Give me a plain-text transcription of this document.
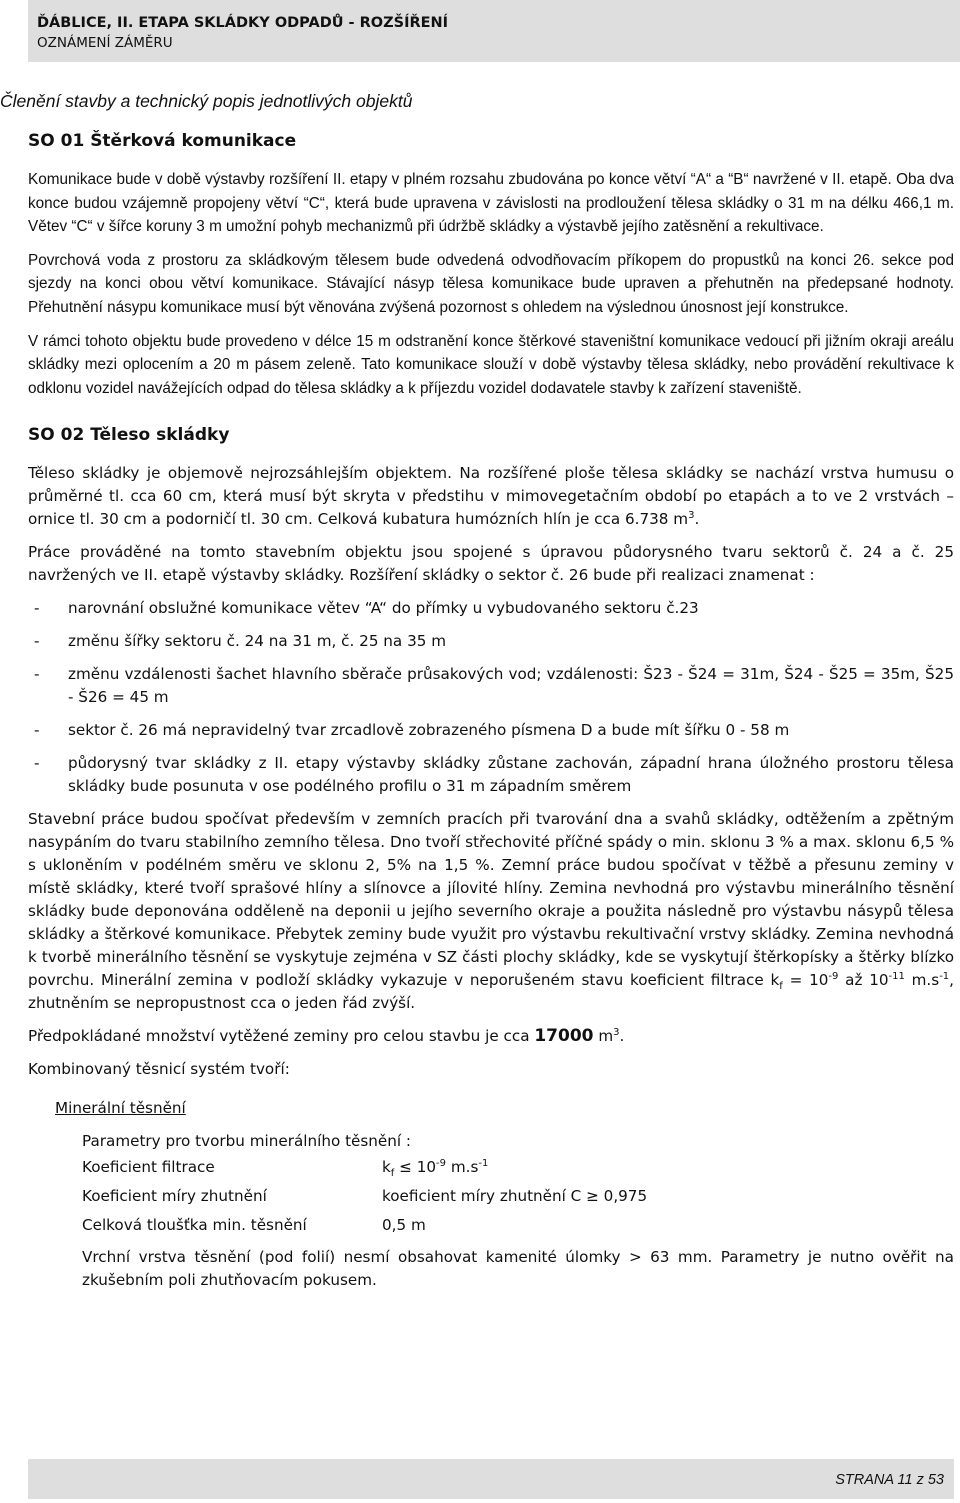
ĎÁBLICE, II. ETAPA SKLÁDKY ODPADŮ - ROZŠÍŘENÍ
OZNÁMENÍ ZÁMĚRU
Členění stavby a technický popis jednotlivých objektů
SO 01 Štěrková komunikace

Komunikace bude v době výstavby rozšíření II. etapy v plném rozsahu zbudována po konce větví “A“ a “B“ navržené v II. etapě. Oba dva konce budou vzájemně propojeny větví “C“, která bude upravena v závislosti na prodloužení tělesa skládky o 31 m na délku 466,1 m. Větev “C“ v šířce koruny 3 m umožní pohyb mechanizmů při údržbě skládky a výstavbě jejího zatěsnění a rekultivace.

Povrchová voda z prostoru za skládkovým tělesem bude odvedená odvodňovacím příkopem do propustků na konci 26. sekce pod sjezdy na konci obou větví komunikace. Stávající násyp tělesa komunikace bude upraven a přehutněn na předepsané hodnoty. Přehutnění násypu komunikace musí být věnována zvýšená pozornost s ohledem na výslednou únosnost její konstrukce.

V rámci tohoto objektu bude provedeno v délce 15 m odstranění konce štěrkové staveništní komunikace vedoucí při jižním okraji areálu skládky mezi oplocením a 20 m pásem zeleně. Tato komunikace slouží v době výstavby tělesa skládky, nebo provádění rekultivace k odklonu vozidel navážejících odpad do tělesa skládky a k příjezdu vozidel dodavatele stavby k zařízení staveniště.

SO 02 Těleso skládky

Těleso skládky je objemově nejrozsáhlejším objektem. Na rozšířené ploše tělesa skládky se nachází vrstva humusu o průměrné tl. cca 60 cm, která musí být skryta v předstihu v mimovegetačním období po etapách a to ve 2 vrstvách – ornice tl. 30 cm a podorničí tl. 30 cm. Celková kubatura humózních hlín je cca 6.738 $m^3$.

Práce prováděné na tomto stavebním objektu jsou spojené s úpravou půdorysného tvaru sektorů č. 24 a č. 25 navržených ve II. etapě výstavby skládky. Rozšíření skládky o sektor č. 26 bude při realizaci znamenat :

- narovnání obslužné komunikace větev “A“ do přímky u vybudovaného sektoru č.23
- změnu šířky sektoru č. 24 na 31 m, č. 25 na 35 m
- změnu vzdálenosti šachet hlavního sběrače průsakových vod; vzdálenosti: Š23 - Š24 = 31m, Š24 - Š25 = 35m, Š25 - Š26 = 45 m
- sektor č. 26 má nepravidelný tvar zrcadlově zobrazeného písmena D a bude mít šířku 0 - 58 m
- půdorysný tvar skládky z II. etapy výstavby skládky zůstane zachován, západní hrana úložného prostoru tělesa skládky bude posunuta v ose podélného profilu o 31 m západním směrem

Stavební práce budou spočívat především v zemních pracích při tvarování dna a svahů skládky, odtěžením a zpětným nasypáním do tvaru stabilního zemního tělesa. Dno tvoří střechovité příčné spády o min. sklonu 3 % a max. sklonu 6,5 % s ukloněním v podélném směru ve sklonu 2, 5% na 1,5 %. Zemní práce budou spočívat v těžbě a přesunu zeminy v místě skládky, které tvoří sprašové hlíny a slínovce a jílovité hlíny. Zemina nevhodná pro výstavbu minerálního těsnění skládky bude deponována odděleně na deponii u jejího severního okraje a použita následně pro výstavbu násypů tělesa skládky a štěrkové komunikace. Přebytek zeminy bude využit pro výstavbu rekultivační vrstvy skládky. Zemina nevhodná k tvorbě minerálního těsnění se vyskytuje zejména v SZ části plochy skládky, kde se vyskytují štěrkopísky a štěrky blízko povrchu. Minerální zemina v podloží skládky vykazuje v neporušeném stavu koeficient filtrace $k_f = 10^{-9}$ až $10^{-11}$ $m.s^{-1}$, zhutněním se nepropustnost cca o jeden řád zvýší.

Předpokládané množství vytěžené zeminy pro celou stavbu je cca 17000 $m^3$.

Kombinovaný těsnicí systém tvoří:

Minerální těsnění

Parametry pro tvorbu minerálního těsnění :

Koeficient filtrace	$k_f \le 10^{-9}$ $m.s^{-1}$
Koeficient míry zhutnění	koeficient míry zhutnění C ≥ 0,975
Celková tloušťka min. těsnění	0,5 m

Vrchní vrstva těsnění (pod folií) nesmí obsahovat kamenité úlomky > 63 mm. Parametry je nutno ověřit na zkušebním poli zhutňovacím pokusem.

STRANA 11 z 53
